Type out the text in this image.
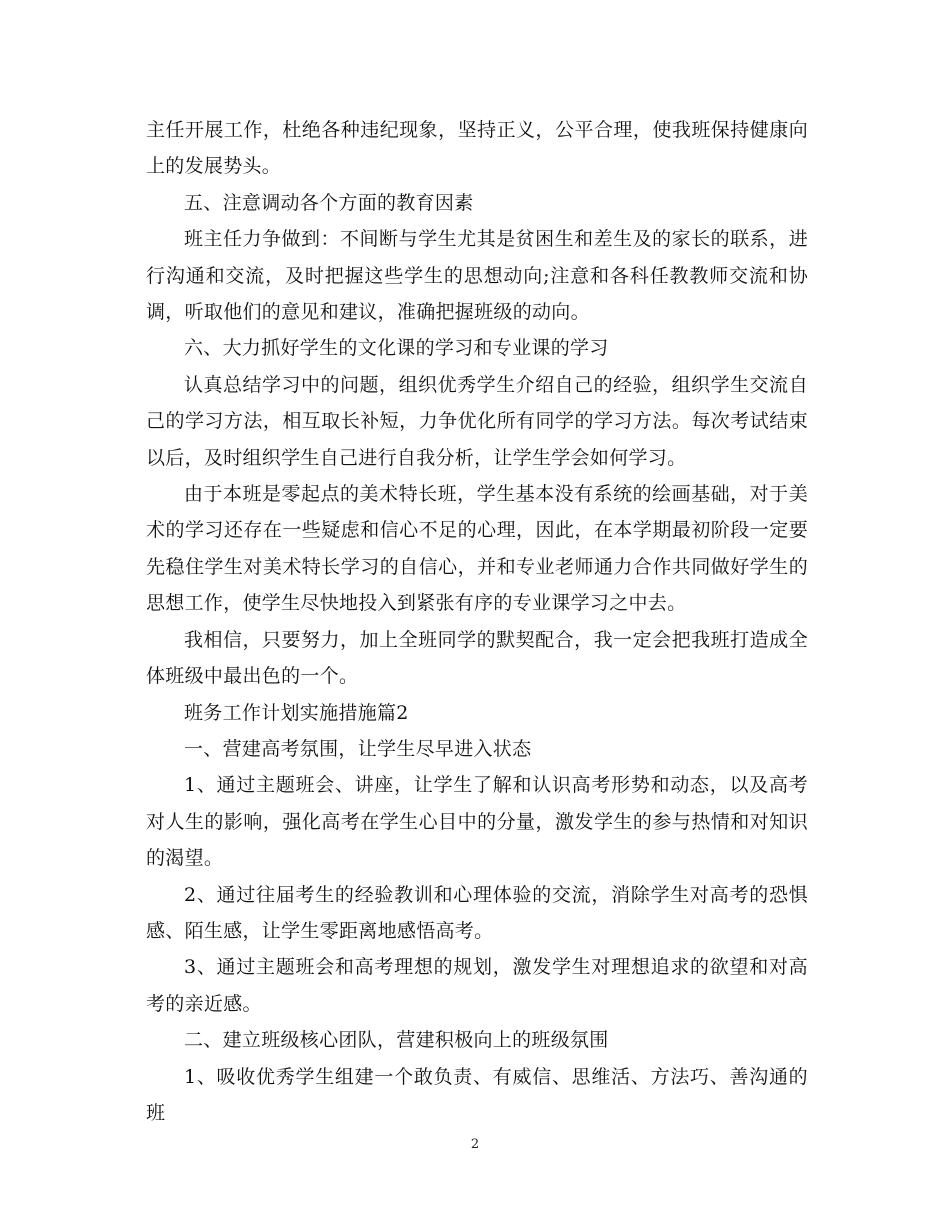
主任开展工作，杜绝各种违纪现象，坚持正义，公平合理，使我班保持健康向上的发展势头。

五、注意调动各个方面的教育因素

班主任力争做到：不间断与学生尤其是贫困生和差生及的家长的联系，进行沟通和交流，及时把握这些学生的思想动向;注意和各科任教教师交流和协调，听取他们的意见和建议，准确把握班级的动向。

六、大力抓好学生的文化课的学习和专业课的学习

认真总结学习中的问题，组织优秀学生介绍自己的经验，组织学生交流自己的学习方法，相互取长补短，力争优化所有同学的学习方法。每次考试结束以后，及时组织学生自己进行自我分析，让学生学会如何学习。

由于本班是零起点的美术特长班，学生基本没有系统的绘画基础，对于美术的学习还存在一些疑虑和信心不足的心理，因此，在本学期最初阶段一定要先稳住学生对美术特长学习的自信心，并和专业老师通力合作共同做好学生的思想工作，使学生尽快地投入到紧张有序的专业课学习之中去。

我相信，只要努力，加上全班同学的默契配合，我一定会把我班打造成全体班级中最出色的一个。

班务工作计划实施措施篇2

一、营建高考氛围，让学生尽早进入状态

1、通过主题班会、讲座，让学生了解和认识高考形势和动态，以及高考对人生的影响，强化高考在学生心目中的分量，激发学生的参与热情和对知识的渴望。

2、通过往届考生的经验教训和心理体验的交流，消除学生对高考的恐惧感、陌生感，让学生零距离地感悟高考。

3、通过主题班会和高考理想的规划，激发学生对理想追求的欲望和对高考的亲近感。

二、建立班级核心团队，营建积极向上的班级氛围

1、吸收优秀学生组建一个敢负责、有威信、思维活、方法巧、善沟通的班

2
